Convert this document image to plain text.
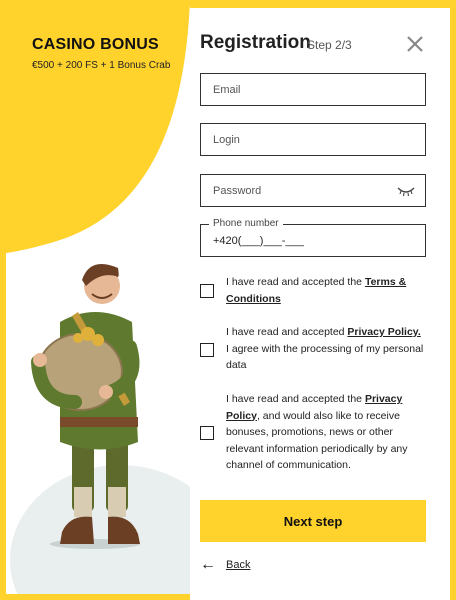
CASINO BONUS
€500 + 200 FS + 1 Bonus Crab
Registration
Step 2/3
Email
Login
Phone number
+420(___)___-___
I have read and accepted the Terms & Conditions
I have read and accepted Privacy Policy. I agree with the processing of my personal data
I have read and accepted the Privacy Policy, and would also like to receive bonuses, promotions, news or other relevant information periodically by any channel of communication.
Next step
← Back
